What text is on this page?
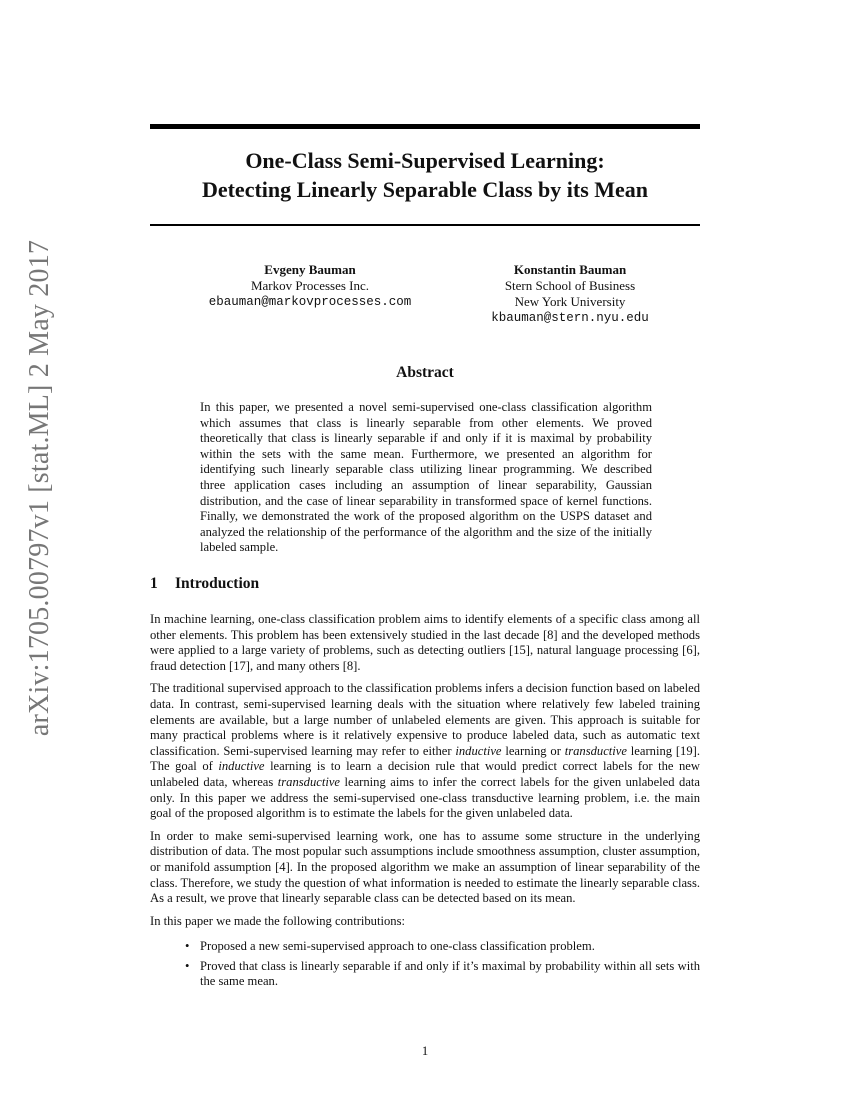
arXiv:1705.00797v1 [stat.ML] 2 May 2017
One-Class Semi-Supervised Learning:
Detecting Linearly Separable Class by its Mean
Evgeny Bauman
Markov Processes Inc.
ebauman@markovprocesses.com
Konstantin Bauman
Stern School of Business
New York University
kbauman@stern.nyu.edu
Abstract

In this paper, we presented a novel semi-supervised one-class classification algorithm which assumes that class is linearly separable from other elements. We proved theoretically that class is linearly separable if and only if it is maximal by probability within the sets with the same mean. Furthermore, we presented an algorithm for identifying such linearly separable class utilizing linear programming. We described three application cases including an assumption of linear separability, Gaussian distribution, and the case of linear separability in transformed space of kernel functions. Finally, we demonstrated the work of the proposed algorithm on the USPS dataset and analyzed the relationship of the performance of the algorithm and the size of the initially labeled sample.

1 Introduction

In machine learning, one-class classification problem aims to identify elements of a specific class among all other elements. This problem has been extensively studied in the last decade [8] and the developed methods were applied to a large variety of problems, such as detecting outliers [15], natural language processing [6], fraud detection [17], and many others [8].

The traditional supervised approach to the classification problems infers a decision function based on labeled data. In contrast, semi-supervised learning deals with the situation where relatively few labeled training elements are available, but a large number of unlabeled elements are given. This approach is suitable for many practical problems where is it relatively expensive to produce labeled data, such as automatic text classification. Semi-supervised learning may refer to either inductive learning or transductive learning [19]. The goal of inductive learning is to learn a decision rule that would predict correct labels for the new unlabeled data, whereas transductive learning aims to infer the correct labels for the given unlabeled data only. In this paper we address the semi-supervised one-class transductive learning problem, i.e. the main goal of the proposed algorithm is to estimate the labels for the given unlabeled data.

In order to make semi-supervised learning work, one has to assume some structure in the underlying distribution of data. The most popular such assumptions include smoothness assumption, cluster assumption, or manifold assumption [4]. In the proposed algorithm we make an assumption of linear separability of the class. Therefore, we study the question of what information is needed to estimate the linearly separable class. As a result, we prove that linearly separable class can be detected based on its mean.

In this paper we made the following contributions:

• Proposed a new semi-supervised approach to one-class classification problem.
• Proved that class is linearly separable if and only if it’s maximal by probability within all sets with the same mean.
1
